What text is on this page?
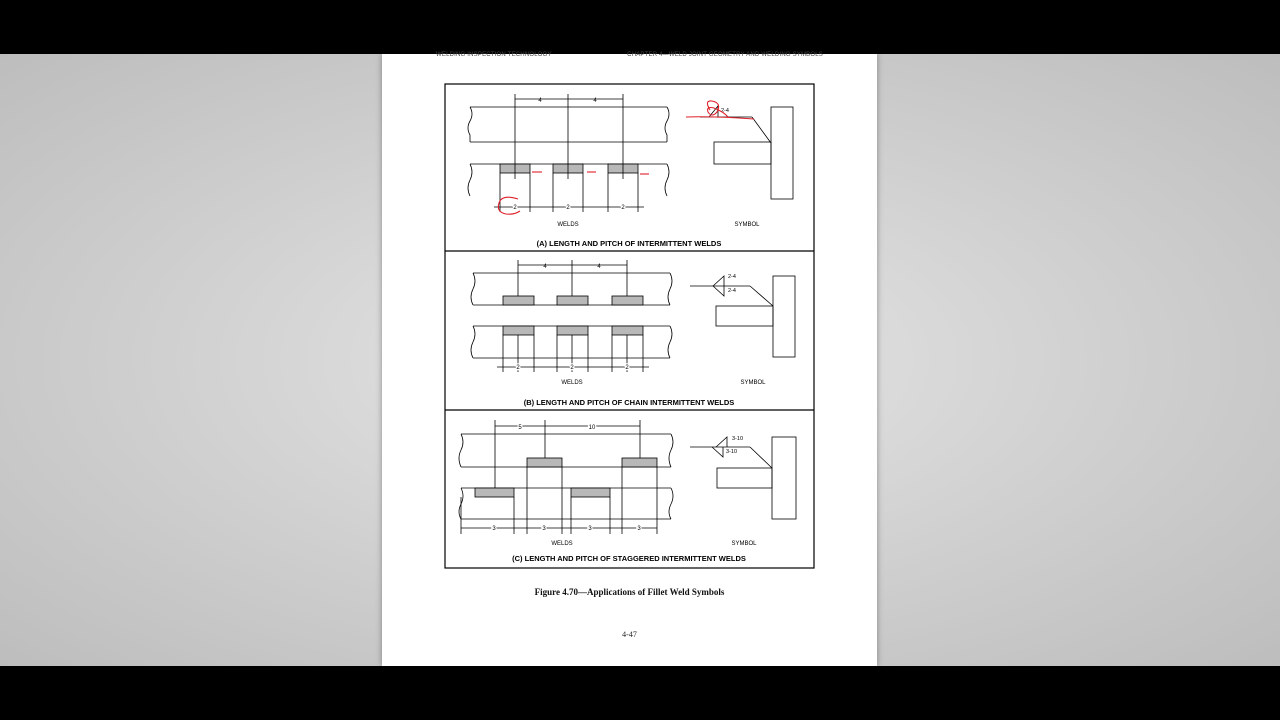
WELDING INSPECTION TECHNOLOGY	CHAPTER 4—WELD JOINT GEOMETRY AND WELDING SYMBOLS
4	4
2	2	2
WELDS	SYMBOL
2-4
(A) LENGTH AND PITCH OF INTERMITTENT WELDS
4	4
2	2	2
WELDS	SYMBOL
2-4
2-4
(B) LENGTH AND PITCH OF CHAIN INTERMITTENT WELDS
5	10
3	3	3	3
WELDS	SYMBOL
3-10
3-10
(C) LENGTH AND PITCH OF STAGGERED INTERMITTENT WELDS
Figure 4.70—Applications of Fillet Weld Symbols
4-47
